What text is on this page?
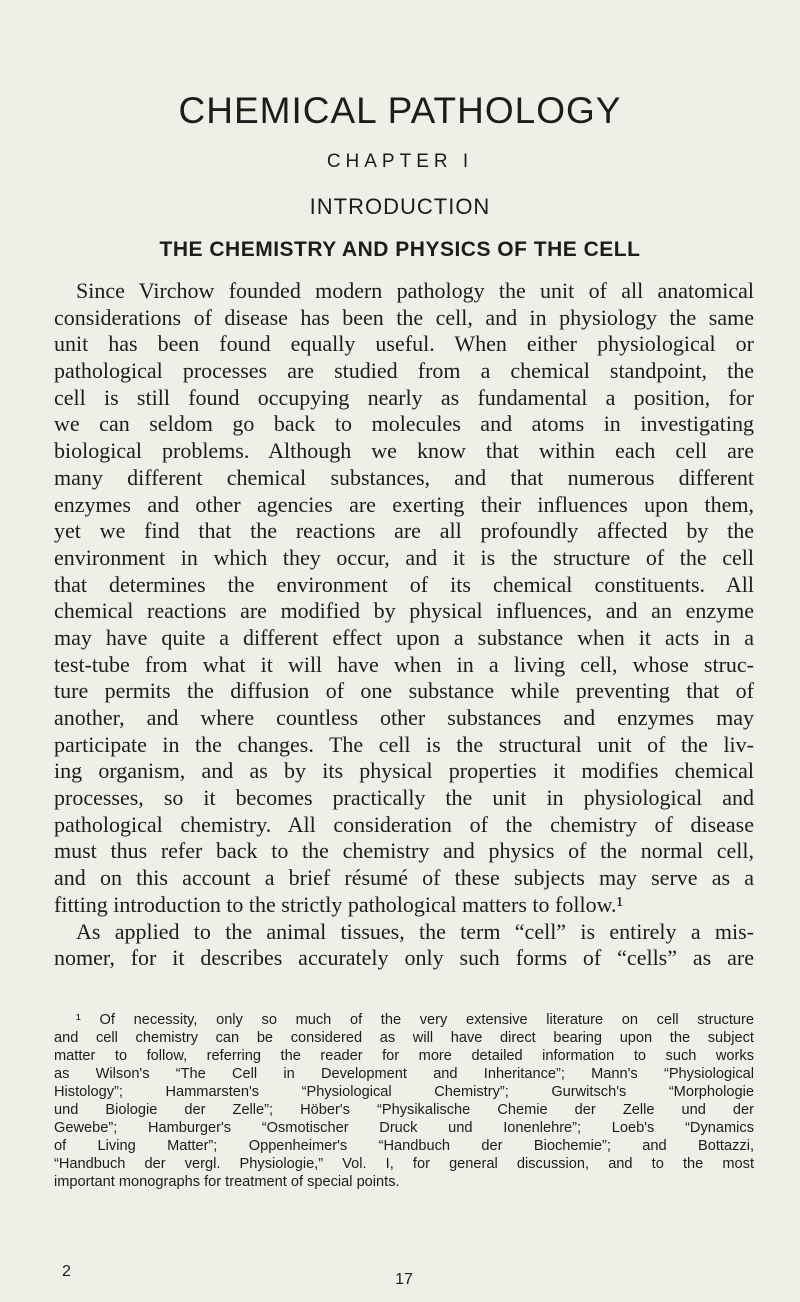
CHEMICAL PATHOLOGY
CHAPTER I
INTRODUCTION
THE CHEMISTRY AND PHYSICS OF THE CELL
Since Virchow founded modern pathology the unit of all anatomical
considerations of disease has been the cell, and in physiology the same
unit has been found equally useful. When either physiological or
pathological processes are studied from a chemical standpoint, the
cell is still found occupying nearly as fundamental a position, for
we can seldom go back to molecules and atoms in investigating
biological problems. Although we know that within each cell are
many different chemical substances, and that numerous different
enzymes and other agencies are exerting their influences upon them,
yet we find that the reactions are all profoundly affected by the
environment in which they occur, and it is the structure of the cell
that determines the environment of its chemical constituents. All
chemical reactions are modified by physical influences, and an enzyme
may have quite a different effect upon a substance when it acts in a
test-tube from what it will have when in a living cell, whose struc-
ture permits the diffusion of one substance while preventing that of
another, and where countless other substances and enzymes may
participate in the changes. The cell is the structural unit of the liv-
ing organism, and as by its physical properties it modifies chemical
processes, so it becomes practically the unit in physiological and
pathological chemistry. All consideration of the chemistry of disease
must thus refer back to the chemistry and physics of the normal cell,
and on this account a brief résumé of these subjects may serve as a
fitting introduction to the strictly pathological matters to follow.¹
As applied to the animal tissues, the term “cell” is entirely a mis-
nomer, for it describes accurately only such forms of “cells” as are
¹ Of necessity, only so much of the very extensive literature on cell structure
and cell chemistry can be considered as will have direct bearing upon the subject
matter to follow, referring the reader for more detailed information to such works
as Wilson's “The Cell in Development and Inheritance”; Mann's “Physiological
Histology”; Hammarsten's “Physiological Chemistry”; Gurwitsch's “Morphologie
und Biologie der Zelle”; Höber's “Physikalische Chemie der Zelle und der
Gewebe”; Hamburger's “Osmotischer Druck und Ionenlehre”; Loeb's “Dynamics
of Living Matter”; Oppenheimer's “Handbuch der Biochemie”; and Bottazzi,
“Handbuch der vergl. Physiologie,” Vol. I, for general discussion, and to the most
important monographs for treatment of special points.
2	17
